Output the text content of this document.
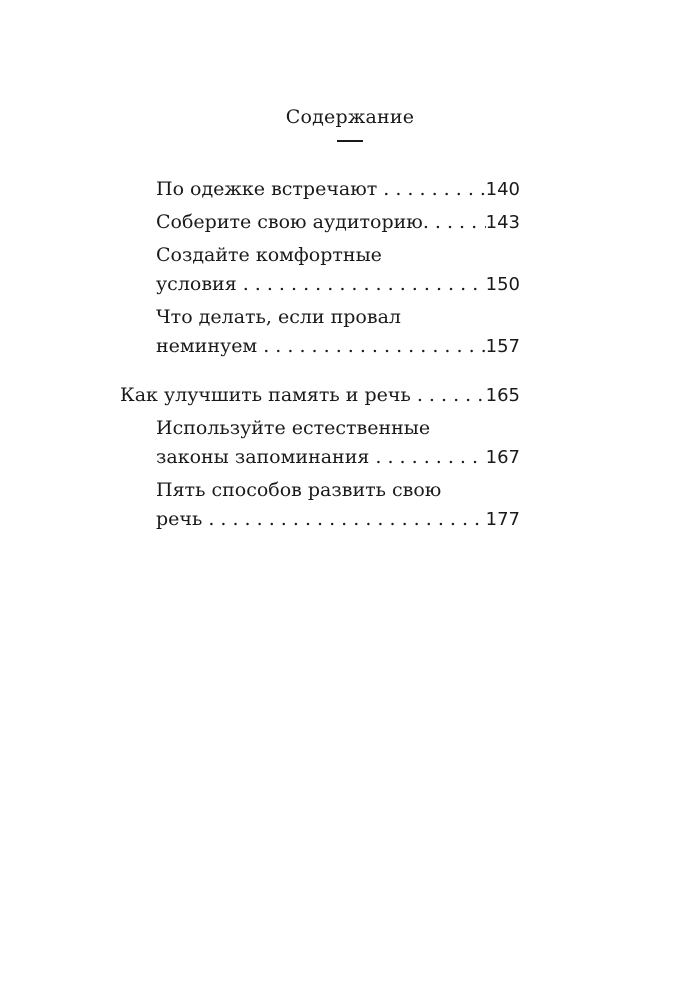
Содержание
По одежке встречают . . .	140
Соберите свою аудиторию. . . .	143
Создайте комфортные
условия . . .	150
Что делать, если провал
неминуем . . .	157
Как улучшить память и речь . . .	165
Используйте естественные
законы запоминания . . .	167
Пять способов развить свою
речь . . .	177
